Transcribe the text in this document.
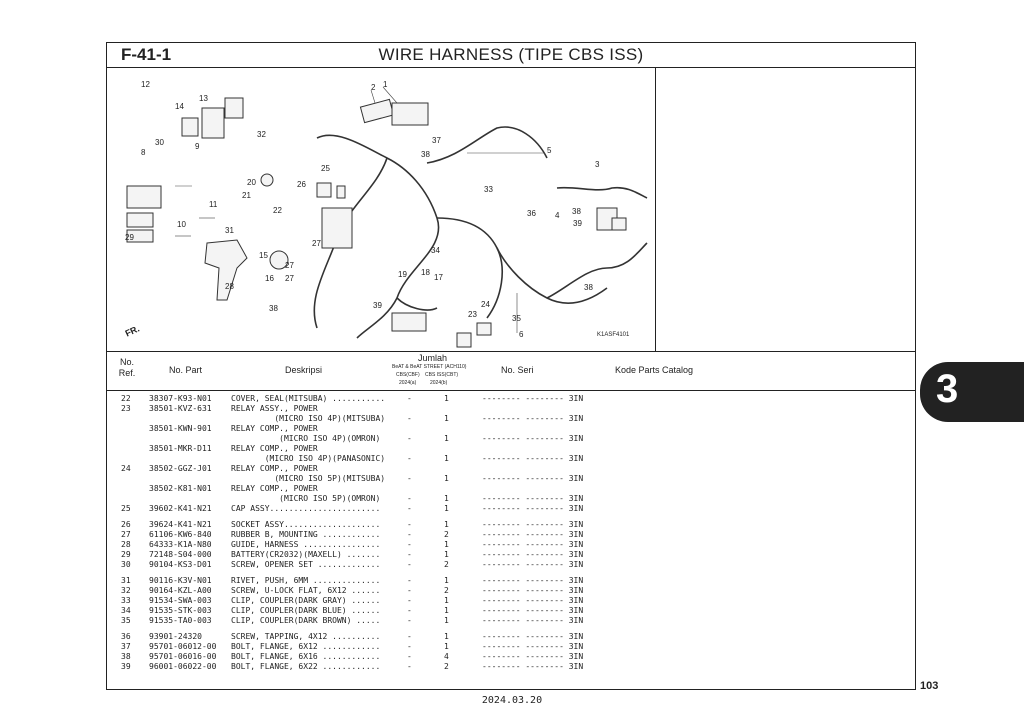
F-41-1	WIRE HARNESS (TIPE CBS ISS)
1
2
3
4
5
6
8
9
10
11
12
13
14
15
16	17
18
19
20
21
22
23
24
25
26
27
27
27
28
29
30
31
32
33
34
35
36
37
38
38
38
38
39
39
FR.	K1ASF4101
No. Ref.	No. Part	Deskripsi
Jumlah
BeAT & BeAT STREET (ACH110)
CBS(CBF) CBS ISS(CBT)
2024(a)	2024(b)
No. Seri	Kode Parts Catalog
22 38307-K93-N01 COVER, SEAL(MITSUBA) ...........	-	1	-------- -------- 3IN
23 38501-KVZ-631 RELAY ASSY., POWER
(MICRO ISO 4P)(MITSUBA)	-	1	-------- -------- 3IN
38501-KWN-901 RELAY COMP., POWER
(MICRO ISO 4P)(OMRON)	-	1	-------- -------- 3IN
38501-MKR-D11 RELAY COMP., POWER
(MICRO ISO 4P)(PANASONIC)	-	1	-------- -------- 3IN
24 38502-GGZ-J01 RELAY COMP., POWER
(MICRO ISO 5P)(MITSUBA)	-	1	-------- -------- 3IN
38502-K81-N01 RELAY COMP., POWER
(MICRO ISO 5P)(OMRON)	-	1	-------- -------- 3IN
25 39602-K41-N21 CAP ASSY.......................	-	1	-------- -------- 3IN
26 39624-K41-N21 SOCKET ASSY....................	-	1	-------- -------- 3IN
27 61106-KW6-840 RUBBER B, MOUNTING ............	-	2	-------- -------- 3IN
28 64333-K1A-N80 GUIDE, HARNESS ................	-	1	-------- -------- 3IN
29 72148-S04-000 BATTERY(CR2032)(MAXELL) .......	-	1	-------- -------- 3IN
30 90104-KS3-D01 SCREW, OPENER SET .............	-	2	-------- -------- 3IN
31 90116-K3V-N01 RIVET, PUSH, 6MM ..............	-	1	-------- -------- 3IN
32 90164-KZL-A00 SCREW, U-LOCK FLAT, 6X12 ......	-	2	-------- -------- 3IN
33 91534-SWA-003 CLIP, COUPLER(DARK GRAY) ......	-	1	-------- -------- 3IN
34 91535-STK-003 CLIP, COUPLER(DARK BLUE) ......	-	1	-------- -------- 3IN
35 91535-TA0-003 CLIP, COUPLER(DARK BROWN) .....	-	1	-------- -------- 3IN
36 93901-24320	SCREW, TAPPING, 4X12 ..........	-	1	-------- -------- 3IN
37 95701-06012-00 BOLT, FLANGE, 6X12 ............	-	1	-------- -------- 3IN
38 95701-06016-00 BOLT, FLANGE, 6X16 ............	-	4	-------- -------- 3IN
39 96001-06022-00 BOLT, FLANGE, 6X22 ............	-	2	-------- -------- 3IN
3
103
2024.03.20
